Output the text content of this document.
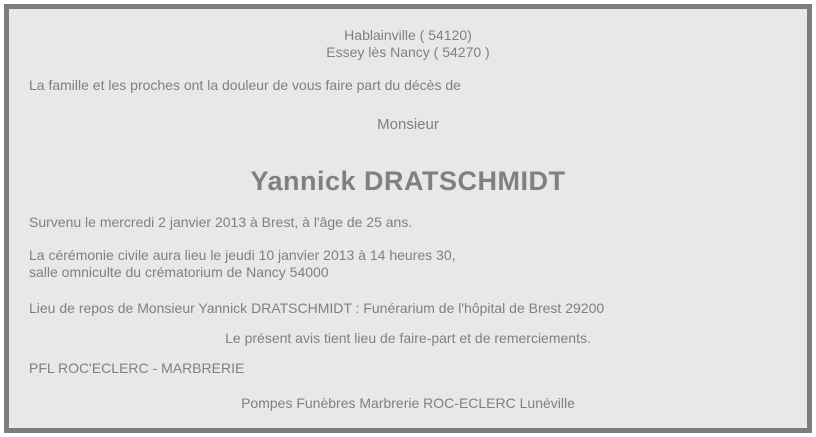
Hablainville ( 54120)
Essey lès Nancy ( 54270 )

La famille et les proches ont la douleur de vous faire part du décès de

Monsieur

Yannick DRATSCHMIDT

Survenu le mercredi 2 janvier 2013 à Brest, à l'âge de 25 ans.

La cérémonie civile aura lieu le jeudi 10 janvier 2013 à 14 heures 30,
salle omniculte du crématorium de Nancy 54000

Lieu de repos de Monsieur Yannick DRATSCHMIDT : Funérarium de l'hôpital de Brest 29200

Le présent avis tient lieu de faire-part et de remerciements.

PFL ROC'ECLERC - MARBRERIE

Pompes Funèbres Marbrerie ROC-ECLERC Lunéville
